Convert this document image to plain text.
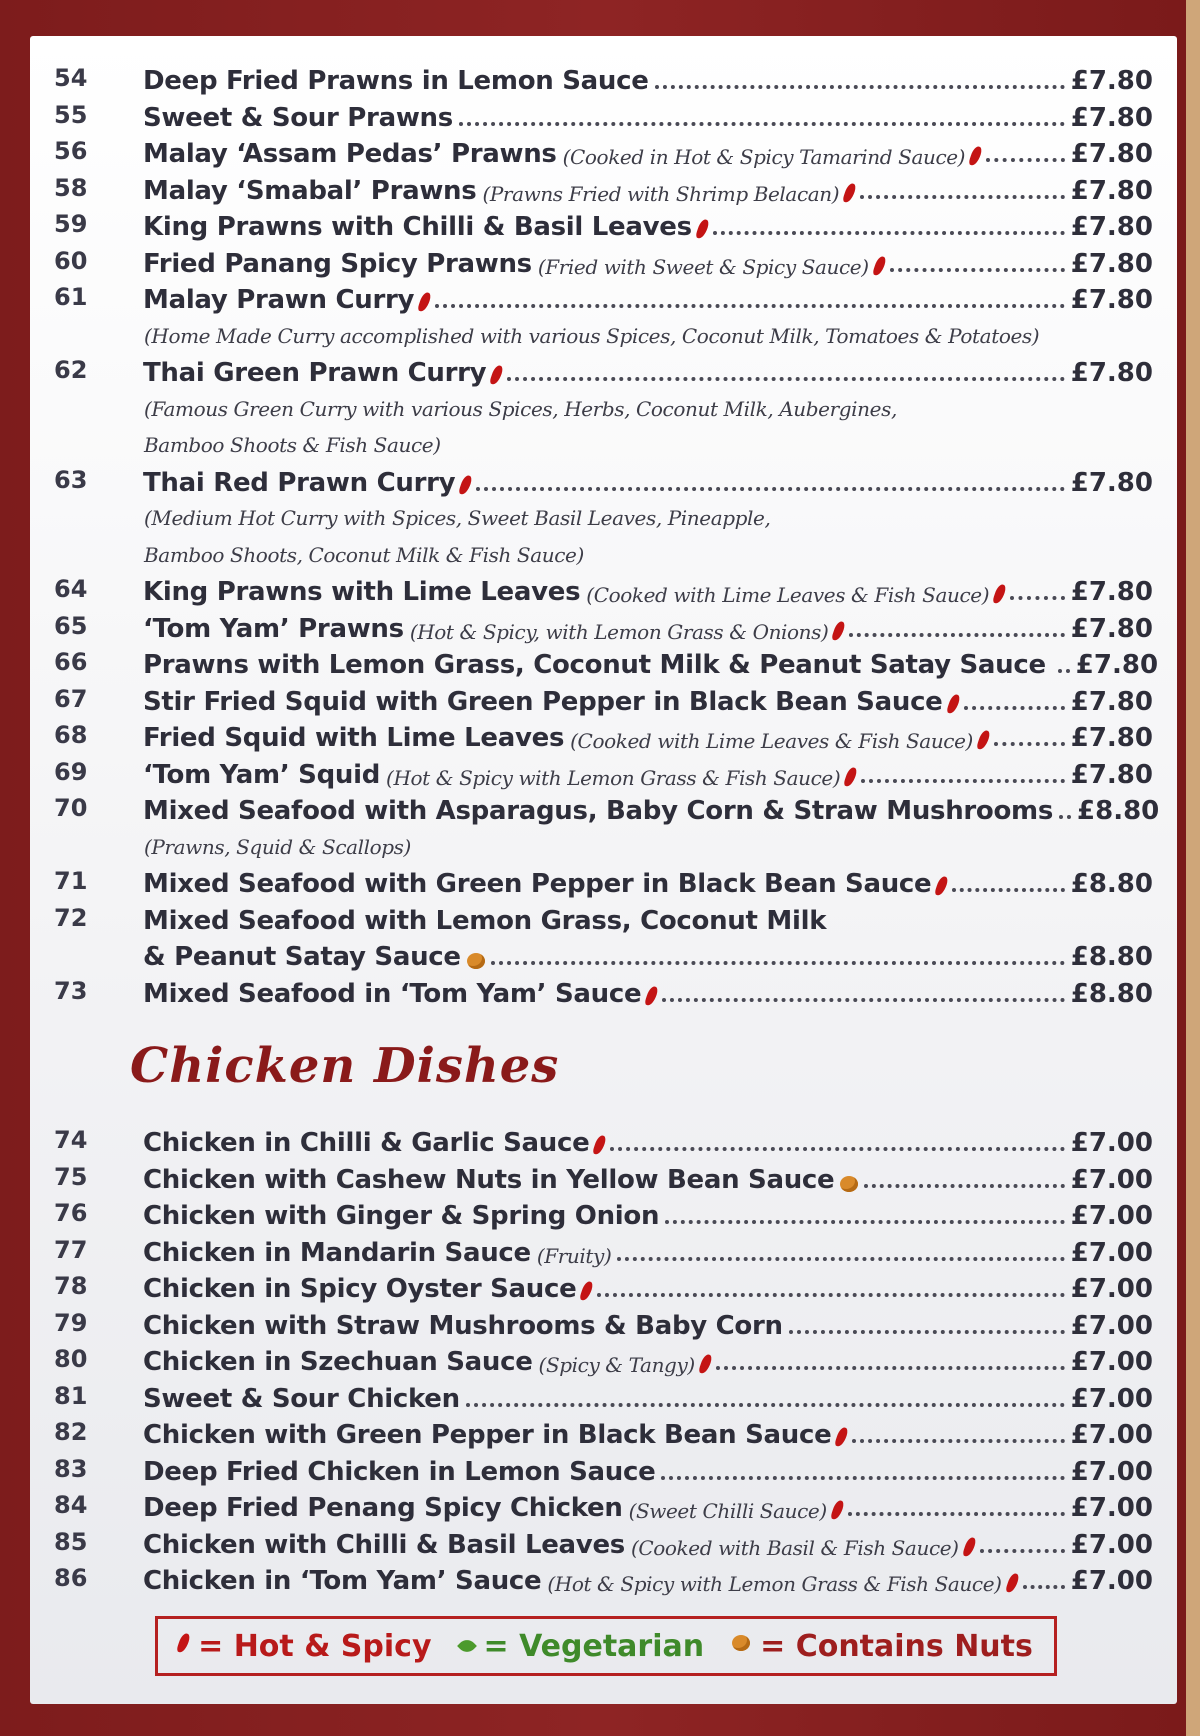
54	Deep Fried Prawns in Lemon Sauce	£7.80
55	Sweet & Sour Prawns	£7.80
56	Malay ‘Assam Pedas’ Prawns (Cooked in Hot & Spicy Tamarind Sauce)	£7.80
58	Malay ‘Smabal’ Prawns (Prawns Fried with Shrimp Belacan)	£7.80
59	King Prawns with Chilli & Basil Leaves	£7.80
60	Fried Panang Spicy Prawns (Fried with Sweet & Spicy Sauce)	£7.80
61	Malay Prawn Curry	£7.80
(Home Made Curry accomplished with various Spices, Coconut Milk, Tomatoes & Potatoes)
62	Thai Green Prawn Curry	£7.80
(Famous Green Curry with various Spices, Herbs, Coconut Milk, Aubergines,
Bamboo Shoots & Fish Sauce)
63	Thai Red Prawn Curry	£7.80
(Medium Hot Curry with Spices, Sweet Basil Leaves, Pineapple,
Bamboo Shoots, Coconut Milk & Fish Sauce)
64	King Prawns with Lime Leaves (Cooked with Lime Leaves & Fish Sauce)	£7.80
65	‘Tom Yam’ Prawns (Hot & Spicy, with Lemon Grass & Onions)	£7.80
66	Prawns with Lemon Grass, Coconut Milk & Peanut Satay Sauce £7.80
67	Stir Fried Squid with Green Pepper in Black Bean Sauce	£7.80
68	Fried Squid with Lime Leaves (Cooked with Lime Leaves & Fish Sauce)	£7.80
69	‘Tom Yam’ Squid (Hot & Spicy with Lemon Grass & Fish Sauce)	£7.80
70	Mixed Seafood with Asparagus, Baby Corn & Straw Mushrooms £8.80
(Prawns, Squid & Scallops)
71	Mixed Seafood with Green Pepper in Black Bean Sauce	£8.80
72	Mixed Seafood with Lemon Grass, Coconut Milk
& Peanut Satay Sauce	£8.80
73	Mixed Seafood in ‘Tom Yam’ Sauce	£8.80
Chicken Dishes
74	Chicken in Chilli & Garlic Sauce	£7.00
75	Chicken with Cashew Nuts in Yellow Bean Sauce	£7.00
76	Chicken with Ginger & Spring Onion	£7.00
77	Chicken in Mandarin Sauce (Fruity)	£7.00
78	Chicken in Spicy Oyster Sauce	£7.00
79	Chicken with Straw Mushrooms & Baby Corn	£7.00
80	Chicken in Szechuan Sauce (Spicy & Tangy)	£7.00
81	Sweet & Sour Chicken	£7.00
82	Chicken with Green Pepper in Black Bean Sauce	£7.00
83	Deep Fried Chicken in Lemon Sauce	£7.00
84	Deep Fried Penang Spicy Chicken (Sweet Chilli Sauce)	£7.00
85	Chicken with Chilli & Basil Leaves (Cooked with Basil & Fish Sauce)	£7.00
86	Chicken in ‘Tom Yam’ Sauce (Hot & Spicy with Lemon Grass & Fish Sauce)	£7.00
= Hot & Spicy = Vegetarian = Contains Nuts
